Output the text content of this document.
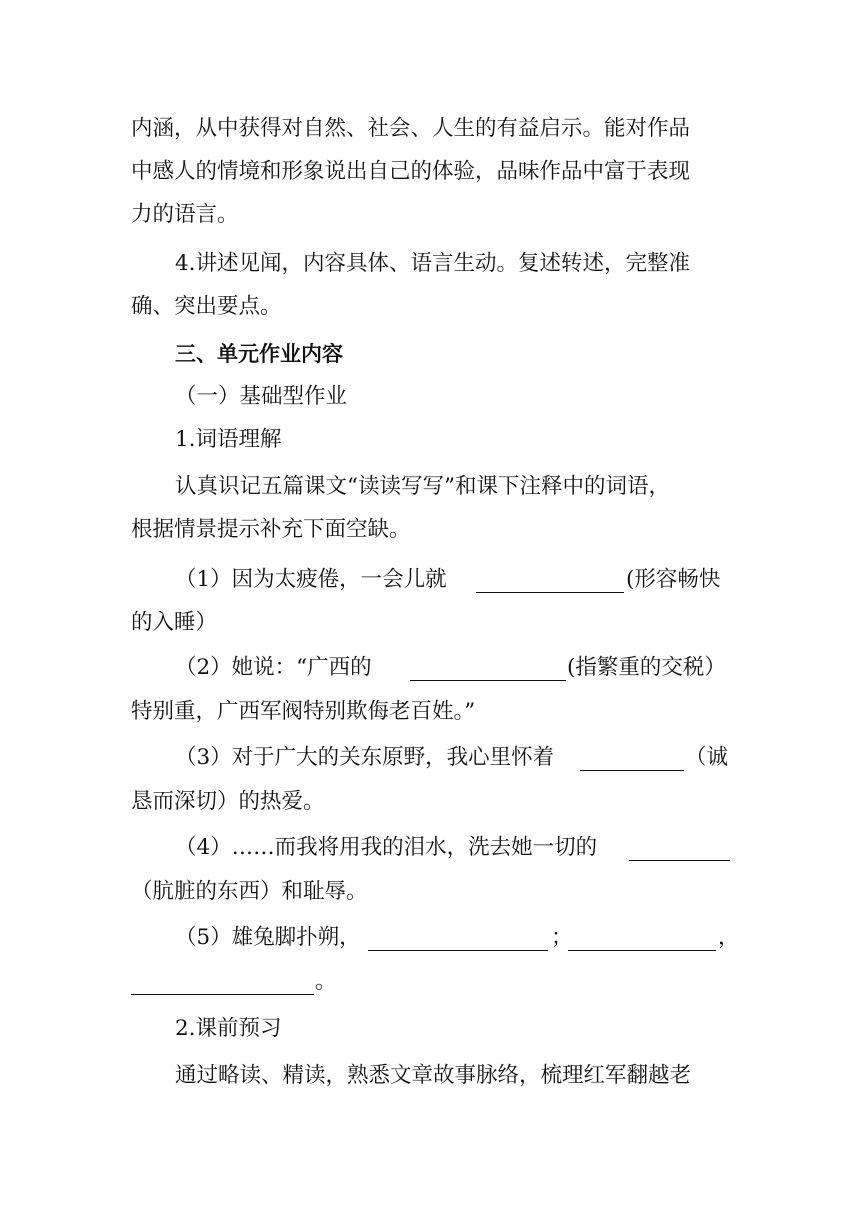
内涵，从中获得对自然、社会、人生的有益启示。能对作品
中感人的情境和形象说出自己的体验，品味作品中富于表现
力的语言。
4.讲述见闻，内容具体、语言生动。复述转述，完整准
确、突出要点。
三、单元作业内容
（一）基础型作业
1.词语理解
认真识记五篇课文“读读写写”和课下注释中的词语，
根据情景提示补充下面空缺。
（1）因为太疲倦，一会儿就	(形容畅快
的入睡）
（2）她说：“广西的	(指繁重的交税）
特别重，广西军阀特别欺侮老百姓。”
（3）对于广大的关东原野，我心里怀着	（诚
恳而深切）的热爱。
（4）……而我将用我的泪水，洗去她一切的
（肮脏的东西）和耻辱。
（5）雄兔脚扑朔，	；	，
。
2.课前预习
通过略读、精读，熟悉文章故事脉络，梳理红军翻越老
